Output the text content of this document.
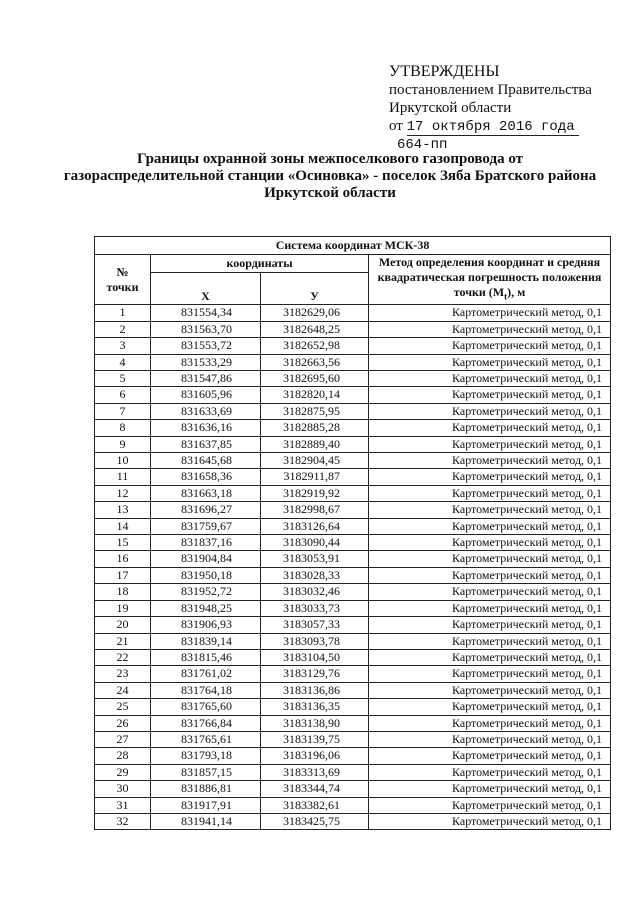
УТВЕРЖДЕНЫ
постановлением Правительства
Иркутской области
от 17 октября 2016 года
664-пп
Границы охранной зоны межпоселкового газопровода от газораспределительной станции «Осиновка» - поселок Зяба Братского района Иркутской области
Система координат МСК-38			

№
точки	координаты		Метод определения координат и средняя квадратическая погрешность положения точки $(M_t)$, м
	Х	У	
1	831554,34	3182629,06	Картометрический метод, 0,1
2	831563,70	3182648,25	Картометрический метод, 0,1
3	831553,72	3182652,98	Картометрический метод, 0,1
4	831533,29	3182663,56	Картометрический метод, 0,1
5	831547,86	3182695,60	Картометрический метод, 0,1
6	831605,96	3182820,14	Картометрический метод, 0,1
7	831633,69	3182875,95	Картометрический метод, 0,1
8	831636,16	3182885,28	Картометрический метод, 0,1
9	831637,85	3182889,40	Картометрический метод, 0,1
10	831645,68	3182904,45	Картометрический метод, 0,1
11	831658,36	3182911,87	Картометрический метод, 0,1
12	831663,18	3182919,92	Картометрический метод, 0,1
13	831696,27	3182998,67	Картометрический метод, 0,1
14	831759,67	3183126,64	Картометрический метод, 0,1
15	831837,16	3183090,44	Картометрический метод, 0,1
16	831904,84	3183053,91	Картометрический метод, 0,1
17	831950,18	3183028,33	Картометрический метод, 0,1
18	831952,72	3183032,46	Картометрический метод, 0,1
19	831948,25	3183033,73	Картометрический метод, 0,1
20	831906,93	3183057,33	Картометрический метод, 0,1
21	831839,14	3183093,78	Картометрический метод, 0,1
22	831815,46	3183104,50	Картометрический метод, 0,1
23	831761,02	3183129,76	Картометрический метод, 0,1
24	831764,18	3183136,86	Картометрический метод, 0,1
25	831765,60	3183136,35	Картометрический метод, 0,1
26	831766,84	3183138,90	Картометрический метод, 0,1
27	831765,61	3183139,75	Картометрический метод, 0,1
28	831793,18	3183196,06	Картометрический метод, 0,1
29	831857,15	3183313,69	Картометрический метод, 0,1
30	831886,81	3183344,74	Картометрический метод, 0,1
31	831917,91	3183382,61	Картометрический метод, 0,1
32	831941,14	3183425,75	Картометрический метод, 0,1
